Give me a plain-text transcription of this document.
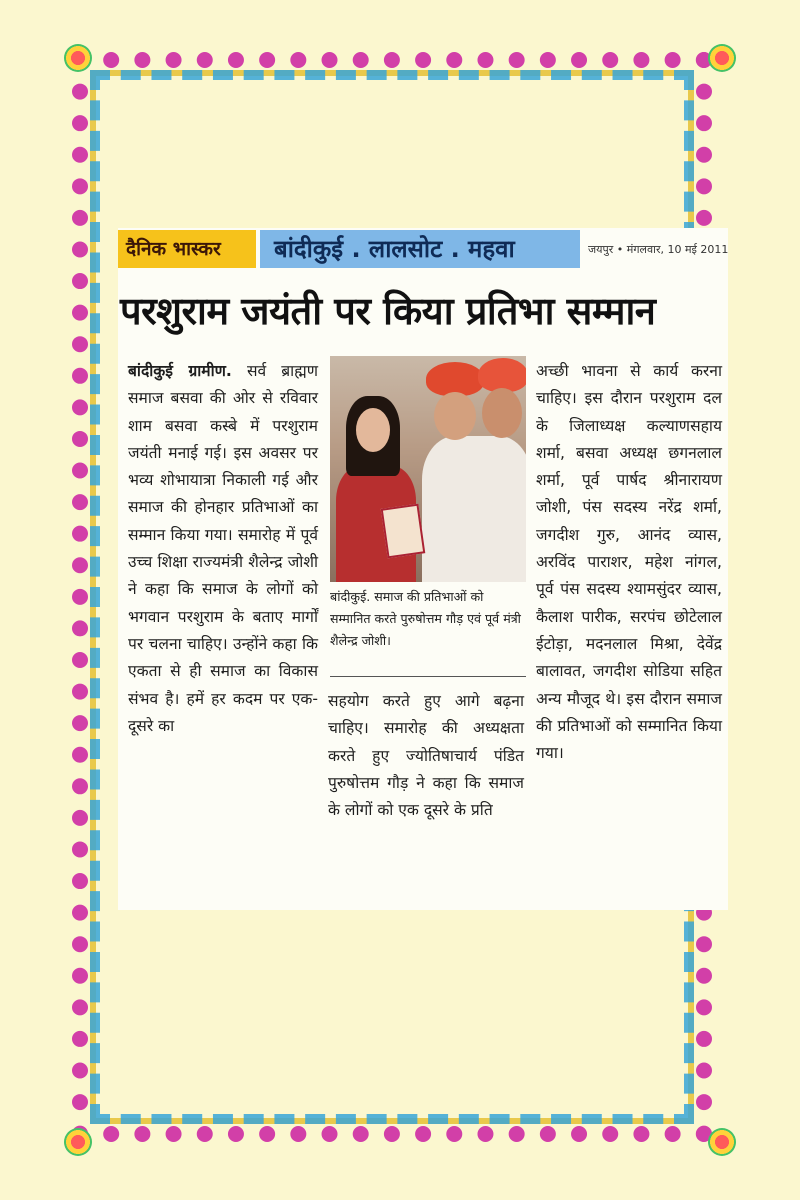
दैनिक भास्कर	बांदीकुई . लालसोट . महवा	जयपुर • मंगलवार, 10 मई 2011
परशुराम जयंती पर किया प्रतिभा सम्मान
बांदीकुई ग्रामीण. सर्व ब्राह्मण समाज बसवा की ओर से रविवार शाम बसवा कस्बे में परशुराम जयंती मनाई गई। इस अवसर पर भव्य शोभायात्रा निकाली गई और समाज की होनहार प्रतिभाओं का सम्मान किया गया। समारोह में पूर्व उच्च शिक्षा राज्यमंत्री शैलेन्द्र जोशी ने कहा कि समाज के लोगों को भगवान परशुराम के बताए मार्गों पर चलना चाहिए। उन्होंने कहा कि एकता से ही समाज का विकास संभव है। हमें हर कदम पर एक-दूसरे का
बांदीकुई. समाज की प्रतिभाओं को सम्मानित करते पुरुषोत्तम गौड़ एवं पूर्व मंत्री शैलेन्द्र जोशी।
सहयोग करते हुए आगे बढ़ना चाहिए। समारोह की अध्यक्षता करते हुए ज्योतिषाचार्य पंडित पुरुषोत्तम गौड़ ने कहा कि समाज के लोगों को एक दूसरे के प्रति
अच्छी भावना से कार्य करना चाहिए। इस दौरान परशुराम दल के जिलाध्यक्ष कल्याणसहाय शर्मा, बसवा अध्यक्ष छगनलाल शर्मा, पूर्व पार्षद श्रीनारायण जोशी, पंस सदस्य नरेंद्र शर्मा, जगदीश गुरु, आनंद व्यास, अरविंद पाराशर, महेश नांगल, पूर्व पंस सदस्य श्यामसुंदर व्यास, कैलाश पारीक, सरपंच छोटेलाल ईटोड़ा, मदनलाल मिश्रा, देवेंद्र बालावत, जगदीश सोडिया सहित अन्य मौजूद थे। इस दौरान समाज की प्रतिभाओं को सम्मानित किया गया।
